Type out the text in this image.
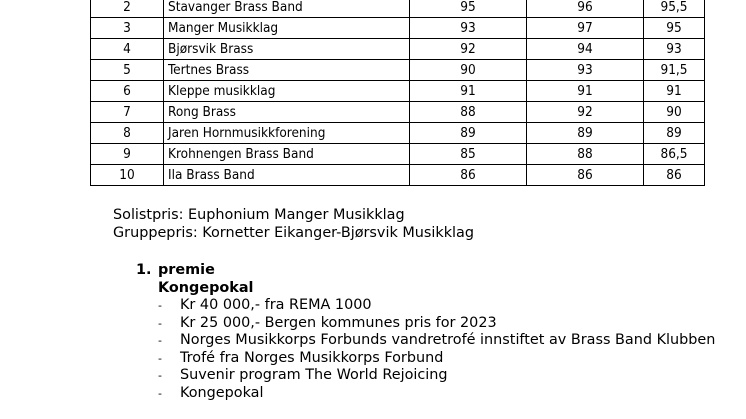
2	Stavanger Brass Band	95	96	95,5
3	Manger Musikklag	93	97	95
4	Bjørsvik Brass	92	94	93
5	Tertnes Brass	90	93	91,5
6	Kleppe musikklag	91	91	91
7	Rong Brass	88	92	90
8	Jaren Hornmusikkforening	89	89	89
9	Krohnengen Brass Band	85	88	86,5
10	Ila Brass Band	86	86	86
Solistpris: Euphonium Manger Musikklag
Gruppepris: Kornetter Eikanger-Bjørsvik Musikklag
1. premie
Kongepokal
- Kr 40 000,- fra REMA 1000
- Kr 25 000,- Bergen kommunes pris for 2023
- Norges Musikkorps Forbunds vandretrofé innstiftet av Brass Band Klubben
- Trofé fra Norges Musikkorps Forbund
- Suvenir program The World Rejoicing
- Kongepokal
